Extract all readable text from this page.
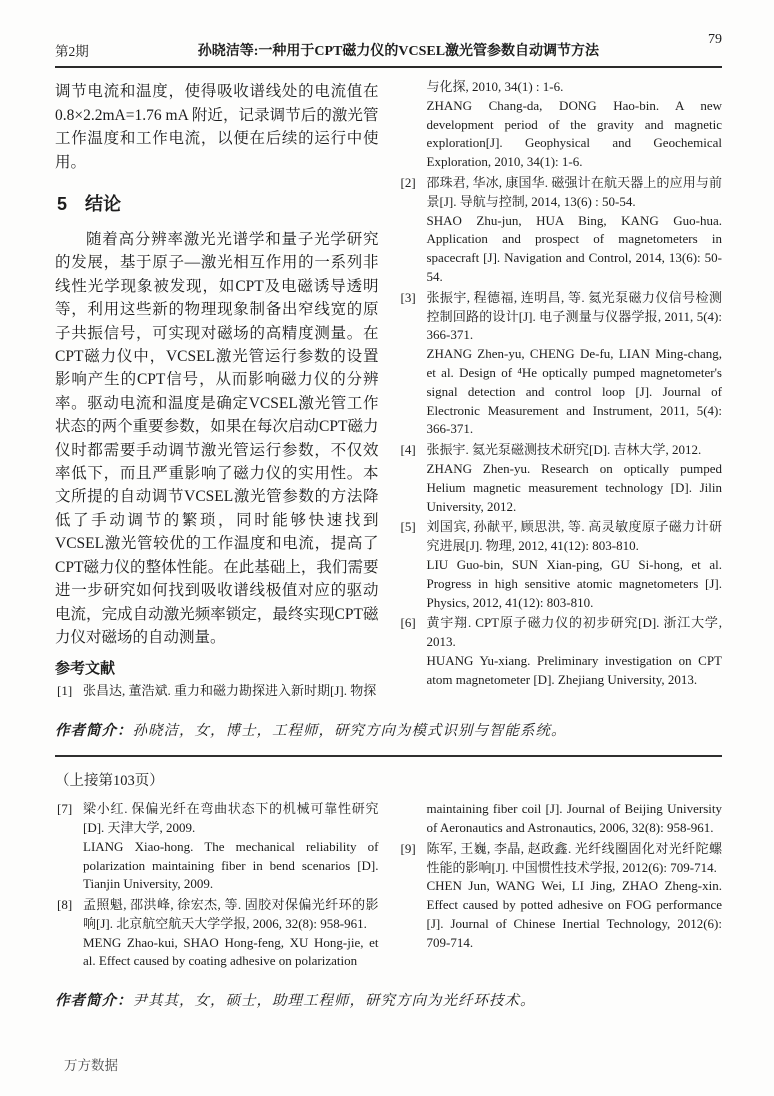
第2期	孙晓洁等:一种用于CPT磁力仪的VCSEL激光管参数自动调节方法
79

调节电流和温度，使得吸收谱线处的电流值在0.8×2.2mA=1.76 mA 附近，记录调节后的激光管工作温度和工作电流，以便在后续的运行中使用。

5 结论

随着高分辨率激光光谱学和量子光学研究的发展，基于原子—激光相互作用的一系列非线性光学现象被发现，如CPT及电磁诱导透明等，利用这些新的物理现象制备出窄线宽的原子共振信号，可实现对磁场的高精度测量。在CPT磁力仪中，VCSEL激光管运行参数的设置影响产生的CPT信号，从而影响磁力仪的分辨率。驱动电流和温度是确定VCSEL激光管工作状态的两个重要参数，如果在每次启动CPT磁力仪时都需要手动调节激光管运行参数，不仅效率低下，而且严重影响了磁力仪的实用性。本文所提的自动调节VCSEL激光管参数的方法降低了手动调节的繁琐，同时能够快速找到VCSEL激光管较优的工作温度和电流，提高了CPT磁力仪的整体性能。在此基础上，我们需要进一步研究如何找到吸收谱线极值对应的驱动电流，完成自动激光频率锁定，最终实现CPT磁力仪对磁场的自动测量。

参考文献
[1] 张昌达, 董浩斌. 重力和磁力勘探进入新时期[J]. 物探

与化探, 2010, 34(1) : 1-6.

ZHANG Chang-da, DONG Hao-bin. A new development period of the gravity and magnetic exploration[J]. Geophysical and Geochemical Exploration, 2010, 34(1): 1-6.

[2] 邵珠君, 华冰, 康国华. 磁强计在航天器上的应用与前景[J]. 导航与控制, 2014, 13(6) : 50-54.

SHAO Zhu-jun, HUA Bing, KANG Guo-hua. Application and prospect of magnetometers in spacecraft [J]. Navigation and Control, 2014, 13(6): 50-54.

[3] 张振宇, 程德福, 连明昌, 等. 氦光泵磁力仪信号检测控制回路的设计[J]. 电子测量与仪器学报, 2011, 5(4): 366-371.

ZHANG Zhen-yu, CHENG De-fu, LIAN Ming-chang, et al. Design of ⁴He optically pumped magnetometer's signal detection and control loop [J]. Journal of Electronic Measurement and Instrument, 2011, 5(4): 366-371.

[4] 张振宇. 氦光泵磁测技术研究[D]. 吉林大学, 2012.

ZHANG Zhen-yu. Research on optically pumped Helium magnetic measurement technology [D]. Jilin University, 2012.

[5] 刘国宾, 孙献平, 顾思洪, 等. 高灵敏度原子磁力计研究进展[J]. 物理, 2012, 41(12): 803-810.

LIU Guo-bin, SUN Xian-ping, GU Si-hong, et al. Progress in high sensitive atomic magnetometers [J]. Physics, 2012, 41(12): 803-810.

[6] 黄宇翔. CPT原子磁力仪的初步研究[D]. 浙江大学, 2013.

HUANG Yu-xiang. Preliminary investigation on CPT atom magnetometer [D]. Zhejiang University, 2013.

作者简介：孙晓洁，女，博士，工程师，研究方向为模式识别与智能系统。
（上接第103页）
[7] 梁小红. 保偏光纤在弯曲状态下的机械可靠性研究[D]. 天津大学, 2009.

LIANG Xiao-hong. The mechanical reliability of polarization maintaining fiber in bend scenarios [D]. Tianjin University, 2009.

[8] 孟照魁, 邵洪峰, 徐宏杰, 等. 固胶对保偏光纤环的影响[J]. 北京航空航天大学学报, 2006, 32(8): 958-961.

MENG Zhao-kui, SHAO Hong-feng, XU Hong-jie, et al. Effect caused by coating adhesive on polarization

maintaining fiber coil [J]. Journal of Beijing University of Aeronautics and Astronautics, 2006, 32(8): 958-961.

[9] 陈军, 王巍, 李晶, 赵政鑫. 光纤线圈固化对光纤陀螺性能的影响[J]. 中国惯性技术学报, 2012(6): 709-714.

CHEN Jun, WANG Wei, LI Jing, ZHAO Zheng-xin. Effect caused by potted adhesive on FOG performance [J]. Journal of Chinese Inertial Technology, 2012(6): 709-714.

作者简介：尹其其，女，硕士，助理工程师，研究方向为光纤环技术。
万方数据
